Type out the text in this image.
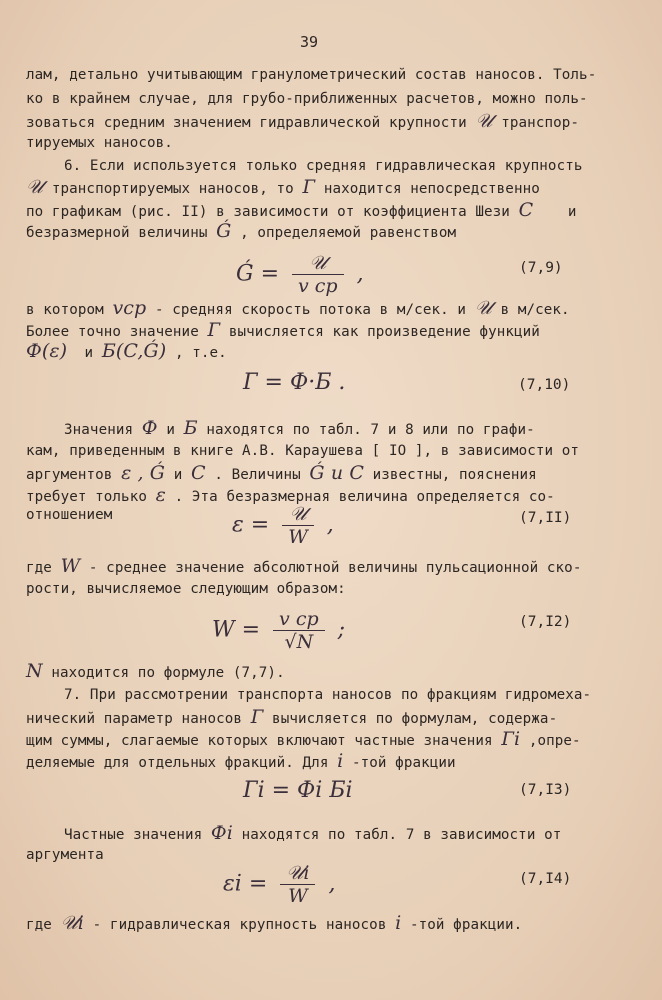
39
лам, детально учитывающим гранулометрический состав наносов. Толь-
ко в крайнем случае, для грубо-приближенных расчетов, можно поль-
зоваться средним значением гидравлической крупности 𝒰 транспор-
тируемых наносов.
6. Если используется только средняя гидравлическая крупность
𝒰 транспортируемых наносов, то Г находится непосредственно
по графикам (рис. II) в зависимости от коэффициента Шези C и
безразмерной величины Ǵ , определяемой равенством
Ǵ = $\frac{\text{𝒰}}{\text{v ср}}$ ,	(7,9)
в котором vср - средняя скорость потока в м/сек. и 𝒰 в м/сек.
Более точно значение Г вычисляется как произведение функций
Ф(ε) и Б(C,Ǵ) , т.е.
Г = Ф·Б .	(7,10)
Значения Ф и Б находятся по табл. 7 и 8 или по графи-
кам, приведенным в книге А.В. Караушева [ IO ], в зависимости от
аргументов ε , Ǵ и C . Величины Ǵ и C известны, пояснения
требует только ε . Эта безразмерная величина определяется со-
отношением	$\varepsilon = \frac{\text{𝒰}}{W}$ ,	(7,II)
где W - среднее значение абсолютной величины пульсационной ско-
рости, вычисляемое следующим образом:
$W = \frac{\text{v ср}}{√N}$ ;	(7,I2)
N находится по формуле (7,7).
7. При рассмотрении транспорта наносов по фракциям гидромеха-
нический параметр наносов Г вычисляется по формулам, содержа-
щим суммы, слагаемые которых включают частные значения Гi ,опре-
деляемые для отдельных фракций. Для i -той фракции
Гi = Фi Бi	(7,I3)
Частные значения Фi находятся по табл. 7 в зависимости от
аргумента
$\varepsilon i = \frac{\text{𝒰i}}{W}$ ,	(7,I4)
где 𝒰i - гидравлическая крупность наносов i -той фракции.
